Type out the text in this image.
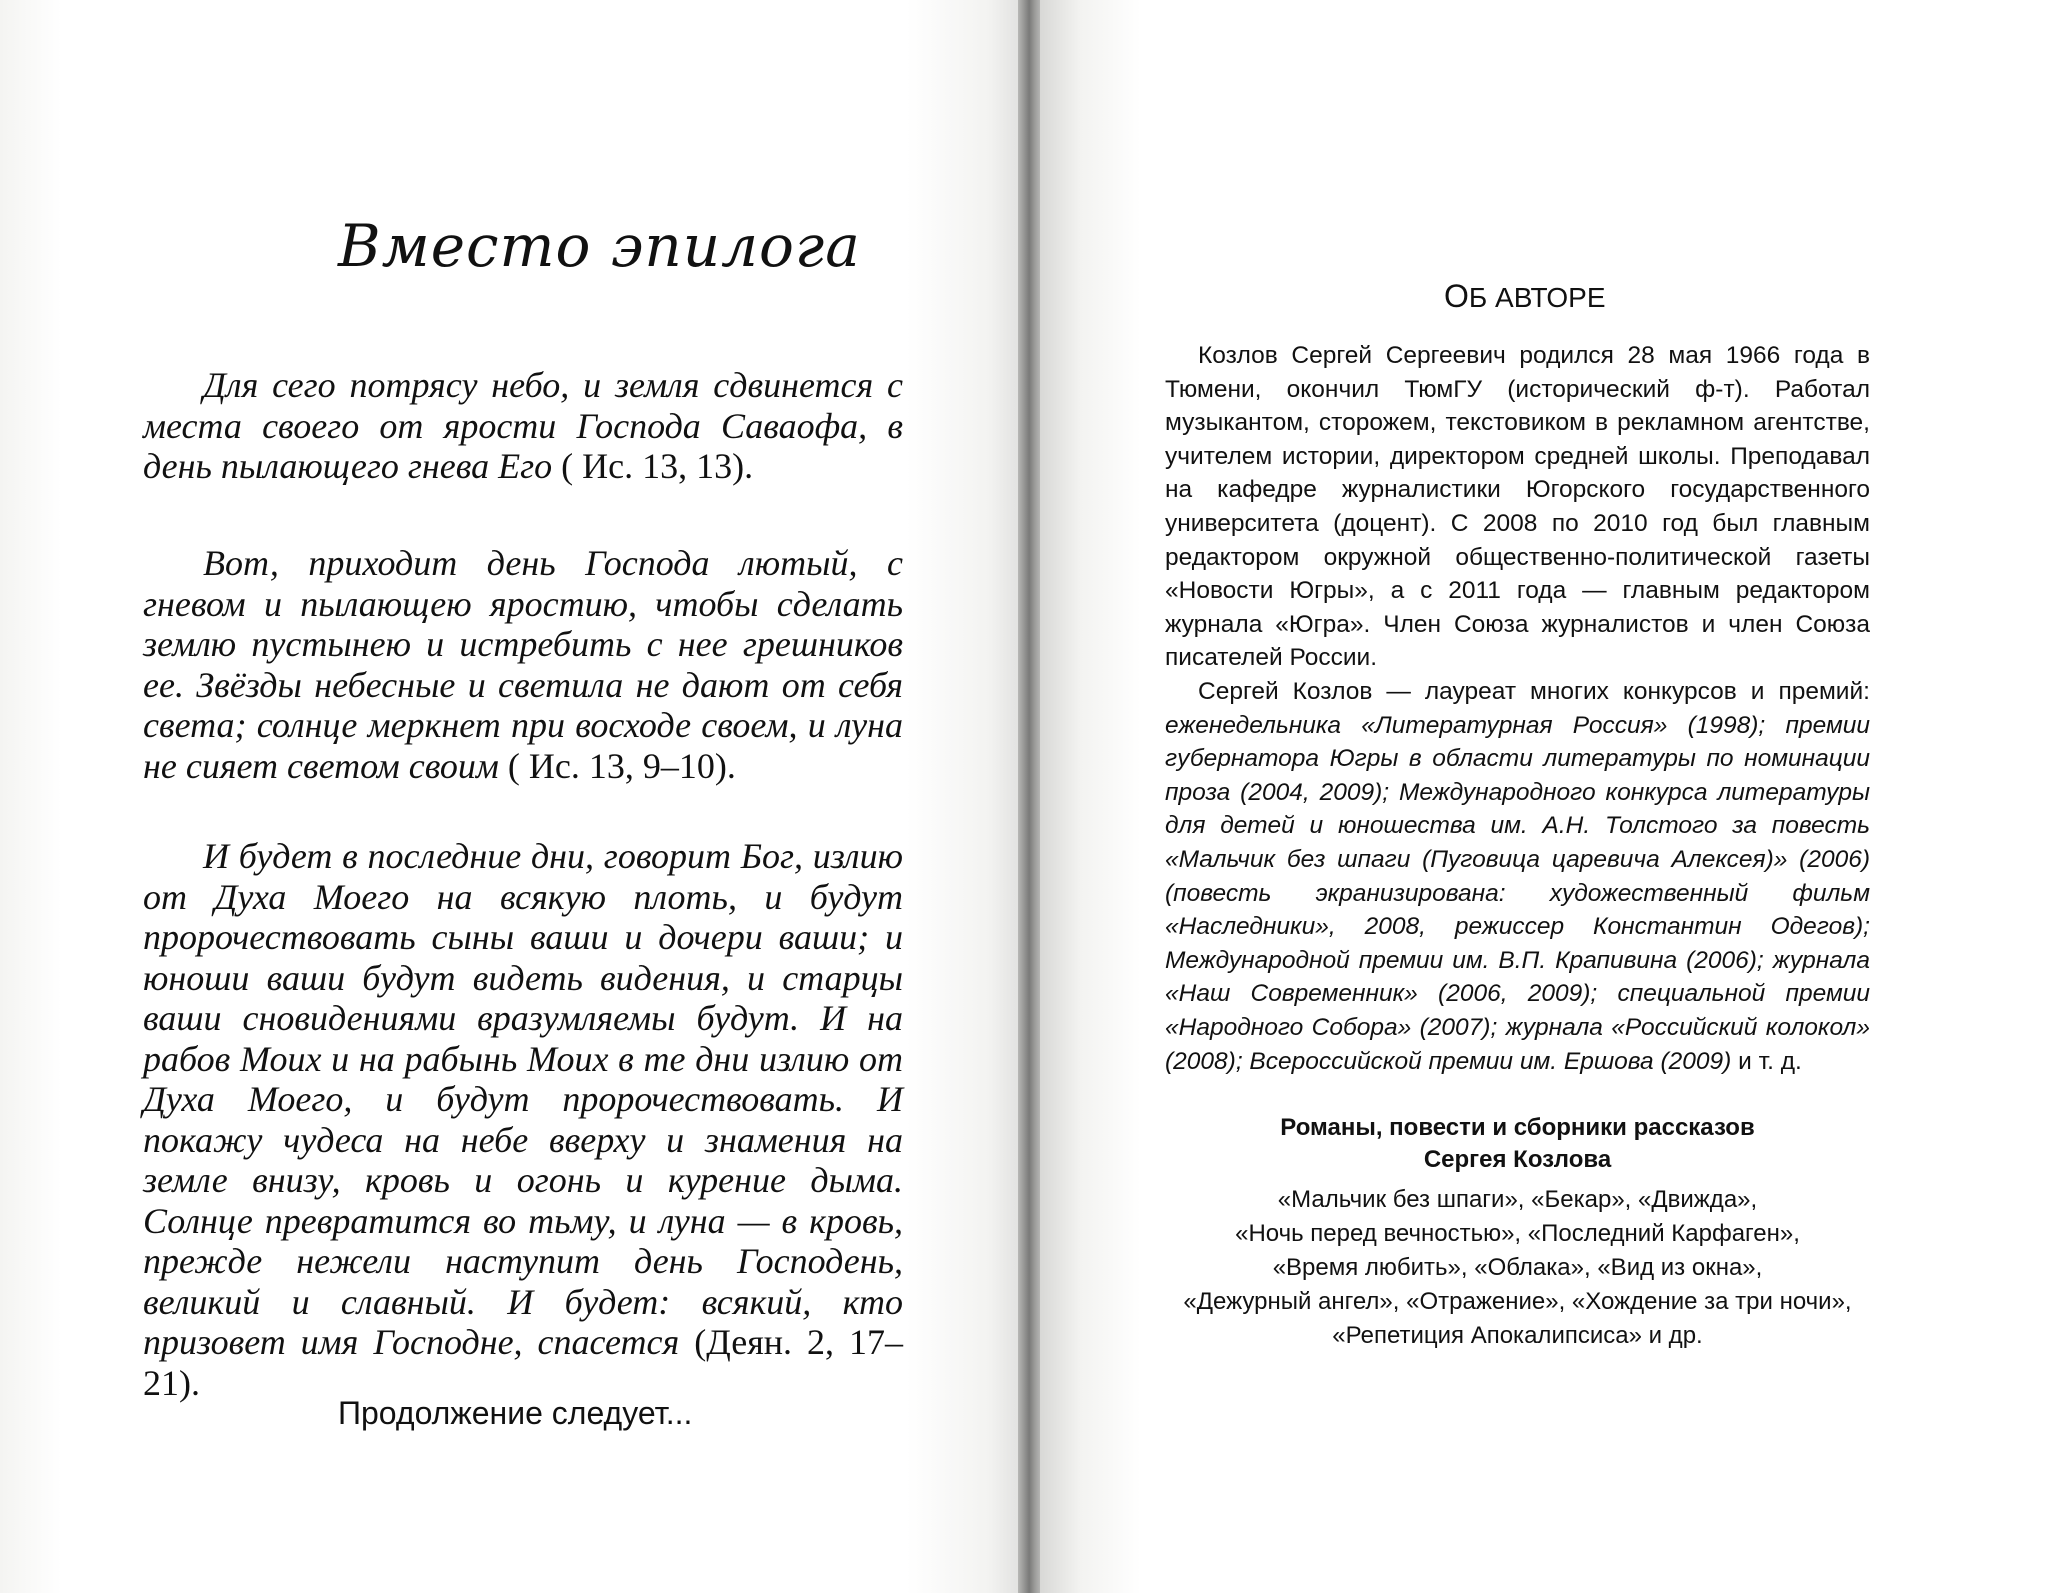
Вместо эпилога

Для сего потрясу небо, и земля сдвинется с места своего от ярости Господа Саваофа, в день пылающего гнева Его ( Ис. 13, 13).

Вот, приходит день Господа лютый, с гневом и пылающею яростию, чтобы сделать землю пустынею и истребить с нее грешников ее. Звёзды небесные и светила не дают от себя света; солнце меркнет при восходе своем, и луна не сияет светом своим ( Ис. 13, 9–10).

И будет в последние дни, говорит Бог, излию от Духа Моего на всякую плоть, и будут пророчествовать сыны ваши и дочери ваши; и юноши ваши будут видеть видения, и старцы ваши сновидениями вразумляемы будут. И на рабов Моих и на рабынь Моих в те дни излию от Духа Моего, и будут пророчествовать. И покажу чудеса на небе вверху и знамения на земле внизу, кровь и огонь и курение дыма. Солнце превратится во тьму, и луна — в кровь, прежде нежели наступит день Господень, великий и славный. И будет: всякий, кто призовет имя Господне, спасется (Деян. 2, 17–21).

Продолжение следует...
ОБ АВТОРЕ

Козлов Сергей Сергеевич родился 28 мая 1966 года в Тюмени, окончил ТюмГУ (исторический ф-т). Работал музыкантом, сторожем, текстовиком в рекламном агентстве, учителем истории, директором средней школы. Преподавал на кафедре журналистики Югорского государственного университета (доцент). С 2008 по 2010 год был главным редактором окружной общественно-политической газеты «Новости Югры», а с 2011 года — главным редактором журнала «Югра». Член Союза журналистов и член Союза писателей России.

Сергей Козлов — лауреат многих конкурсов и премий: еженедельника «Литературная Россия» (1998); премии губернатора Югры в области литературы по номинации проза (2004, 2009); Международного конкурса литературы для детей и юношества им. А.Н. Толстого за повесть «Мальчик без шпаги (Пуговица царевича Алексея)» (2006) (повесть экранизирована: художественный фильм «Наследники», 2008, режиссер Константин Одегов); Международной премии им. В.П. Крапивина (2006); журнала «Наш Современник» (2006, 2009); специальной премии «Народного Собора» (2007); журнала «Российский колокол» (2008); Всероссийской премии им. Ершова (2009) и т. д.

Романы, повести и сборники рассказов
Сергея Козлова
«Мальчик без шпаги», «Бекар», «Движда»,
«Ночь перед вечностью», «Последний Карфаген»,
«Время любить», «Облака», «Вид из окна»,
«Дежурный ангел», «Отражение», «Хождение за три ночи»,
«Репетиция Апокалипсиса» и др.
